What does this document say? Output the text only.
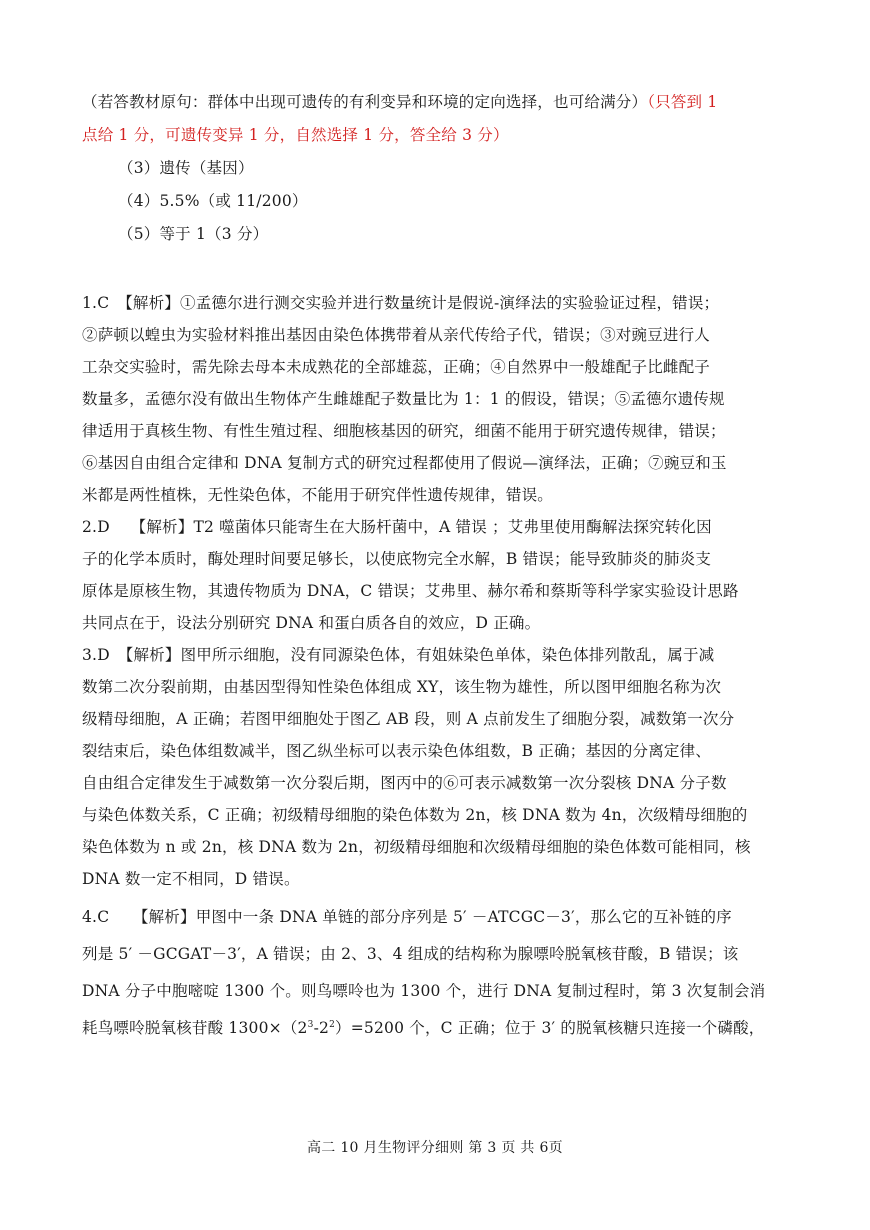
（若答教材原句：群体中出现可遗传的有利变异和环境的定向选择，也可给满分）（只答到 1
点给 1 分，可遗传变异 1 分，自然选择 1 分，答全给 3 分）
（3）遗传（基因）
（4）5.5%（或 11/200）
（5）等于 1（3 分）
1.C　【解析】①孟德尔进行测交实验并进行数量统计是假说-演绎法的实验验证过程，错误；
②萨顿以蝗虫为实验材料推出基因由染色体携带着从亲代传给子代，错误；③对豌豆进行人
工杂交实验时，需先除去母本未成熟花的全部雄蕊，正确；④自然界中一般雄配子比雌配子
数量多，孟德尔没有做出生物体产生雌雄配子数量比为 1：1 的假设，错误；⑤孟德尔遗传规
律适用于真核生物、有性生殖过程、细胞核基因的研究，细菌不能用于研究遗传规律，错误；
⑥基因自由组合定律和 DNA 复制方式的研究过程都使用了假说—演绎法，正确；⑦豌豆和玉
米都是两性植株，无性染色体，不能用于研究伴性遗传规律，错误。
2.D　 【解析】T2 噬菌体只能寄生在大肠杆菌中，A 错误 ；艾弗里使用酶解法探究转化因
子的化学本质时，酶处理时间要足够长，以使底物完全水解，B 错误；能导致肺炎的肺炎支
原体是原核生物，其遗传物质为 DNA，C 错误；艾弗里、赫尔希和蔡斯等科学家实验设计思路
共同点在于，设法分别研究 DNA 和蛋白质各自的效应，D 正确。
3.D　【解析】图甲所示细胞，没有同源染色体，有姐妹染色单体，染色体排列散乱，属于减
数第二次分裂前期，由基因型得知性染色体组成 XY，该生物为雄性，所以图甲细胞名称为次
级精母细胞，A 正确；若图甲细胞处于图乙 AB 段，则 A 点前发生了细胞分裂，减数第一次分
裂结束后，染色体组数减半，图乙纵坐标可以表示染色体组数，B 正确；基因的分离定律、
自由组合定律发生于减数第一次分裂后期，图丙中的⑥可表示减数第一次分裂核 DNA 分子数
与染色体数关系，C 正确；初级精母细胞的染色体数为 2n，核 DNA 数为 4n，次级精母细胞的
染色体数为 n 或 2n，核 DNA 数为 2n，初级精母细胞和次级精母细胞的染色体数可能相同，核
DNA 数一定不相同，D 错误。
4.C　　【解析】甲图中一条 DNA 单链的部分序列是 5′ －ATCGC－3′，那么它的互补链的序
列是 5′ －GCGAT－3′，A 错误；由 2、3、4 组成的结构称为腺嘌呤脱氧核苷酸，B 错误；该
DNA 分子中胞嘧啶 1300 个。则鸟嘌呤也为 1300 个，进行 DNA 复制过程时，第 3 次复制会消
耗鸟嘌呤脱氧核苷酸 $1300\times(2^3-2^2)=5200$ 个，C 正确；位于 3′ 的脱氧核糖只连接一个磷酸，
高二 10 月生物评分细则 第 3 页 共 6页
